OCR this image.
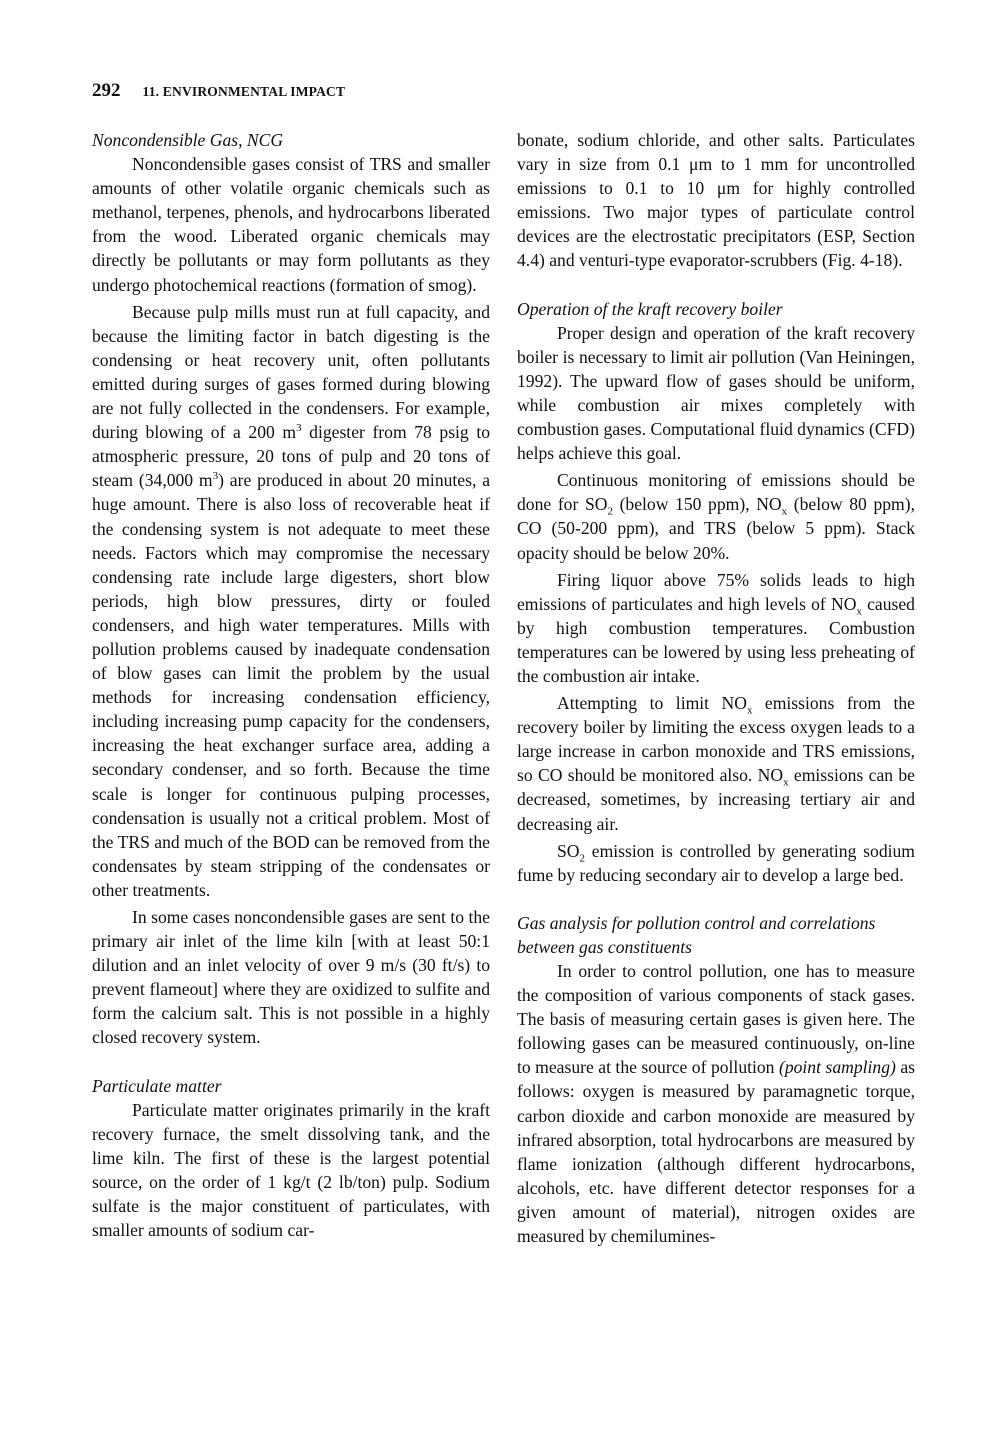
292 11. ENVIRONMENTAL IMPACT
Noncondensible Gas, NCG

Noncondensible gases consist of TRS and smaller amounts of other volatile organic chemicals such as methanol, terpenes, phenols, and hydrocarbons liberated from the wood. Liberated organic chemicals may directly be pollutants or may form pollutants as they undergo photochemical reactions (formation of smog).

Because pulp mills must run at full capacity, and because the limiting factor in batch digesting is the condensing or heat recovery unit, often pollutants emitted during surges of gases formed during blowing are not fully collected in the condensers. For example, during blowing of a 200 $m^3$ digester from 78 psig to atmospheric pressure, 20 tons of pulp and 20 tons of steam (34,000 $m^3$) are produced in about 20 minutes, a huge amount. There is also loss of recoverable heat if the condensing system is not adequate to meet these needs. Factors which may compromise the necessary condensing rate include large digesters, short blow periods, high blow pressures, dirty or fouled condensers, and high water temperatures. Mills with pollution problems caused by inadequate condensation of blow gases can limit the problem by the usual methods for increasing condensation efficiency, including increasing pump capacity for the condensers, increasing the heat exchanger surface area, adding a secondary condenser, and so forth. Because the time scale is longer for continuous pulping processes, condensation is usually not a critical problem. Most of the TRS and much of the BOD can be removed from the condensates by steam stripping of the condensates or other treatments.

In some cases noncondensible gases are sent to the primary air inlet of the lime kiln [with at least 50:1 dilution and an inlet velocity of over 9 m/s (30 ft/s) to prevent flameout] where they are oxidized to sulfite and form the calcium salt. This is not possible in a highly closed recovery system.

Particulate matter

Particulate matter originates primarily in the kraft recovery furnace, the smelt dissolving tank, and the lime kiln. The first of these is the largest potential source, on the order of 1 kg/t (2 lb/ton) pulp. Sodium sulfate is the major constituent of particulates, with smaller amounts of sodium car-

bonate, sodium chloride, and other salts. Particulates vary in size from 0.1 μm to 1 mm for uncontrolled emissions to 0.1 to 10 μm for highly controlled emissions. Two major types of particulate control devices are the electrostatic precipitators (ESP, Section 4.4) and venturi-type evaporator-scrubbers (Fig. 4-18).

Operation of the kraft recovery boiler

Proper design and operation of the kraft recovery boiler is necessary to limit air pollution (Van Heiningen, 1992). The upward flow of gases should be uniform, while combustion air mixes completely with combustion gases. Computational fluid dynamics (CFD) helps achieve this goal.

Continuous monitoring of emissions should be done for $SO_2$ (below 150 ppm), $NO_x$ (below 80 ppm), CO (50-200 ppm), and TRS (below 5 ppm). Stack opacity should be below 20%.

Firing liquor above 75% solids leads to high emissions of particulates and high levels of $NO_x$ caused by high combustion temperatures. Combustion temperatures can be lowered by using less preheating of the combustion air intake.

Attempting to limit $NO_x$ emissions from the recovery boiler by limiting the excess oxygen leads to a large increase in carbon monoxide and TRS emissions, so CO should be monitored also. $NO_x$ emissions can be decreased, sometimes, by increasing tertiary air and decreasing air.

$SO_2$ emission is controlled by generating sodium fume by reducing secondary air to develop a large bed.

Gas analysis for pollution control and correlations between gas constituents

In order to control pollution, one has to measure the composition of various components of stack gases. The basis of measuring certain gases is given here. The following gases can be measured continuously, on-line to measure at the source of pollution (point sampling) as follows: oxygen is measured by paramagnetic torque, carbon dioxide and carbon monoxide are measured by infrared absorption, total hydrocarbons are measured by flame ionization (although different hydrocarbons, alcohols, etc. have different detector responses for a given amount of material), nitrogen oxides are measured by chemilumines-
